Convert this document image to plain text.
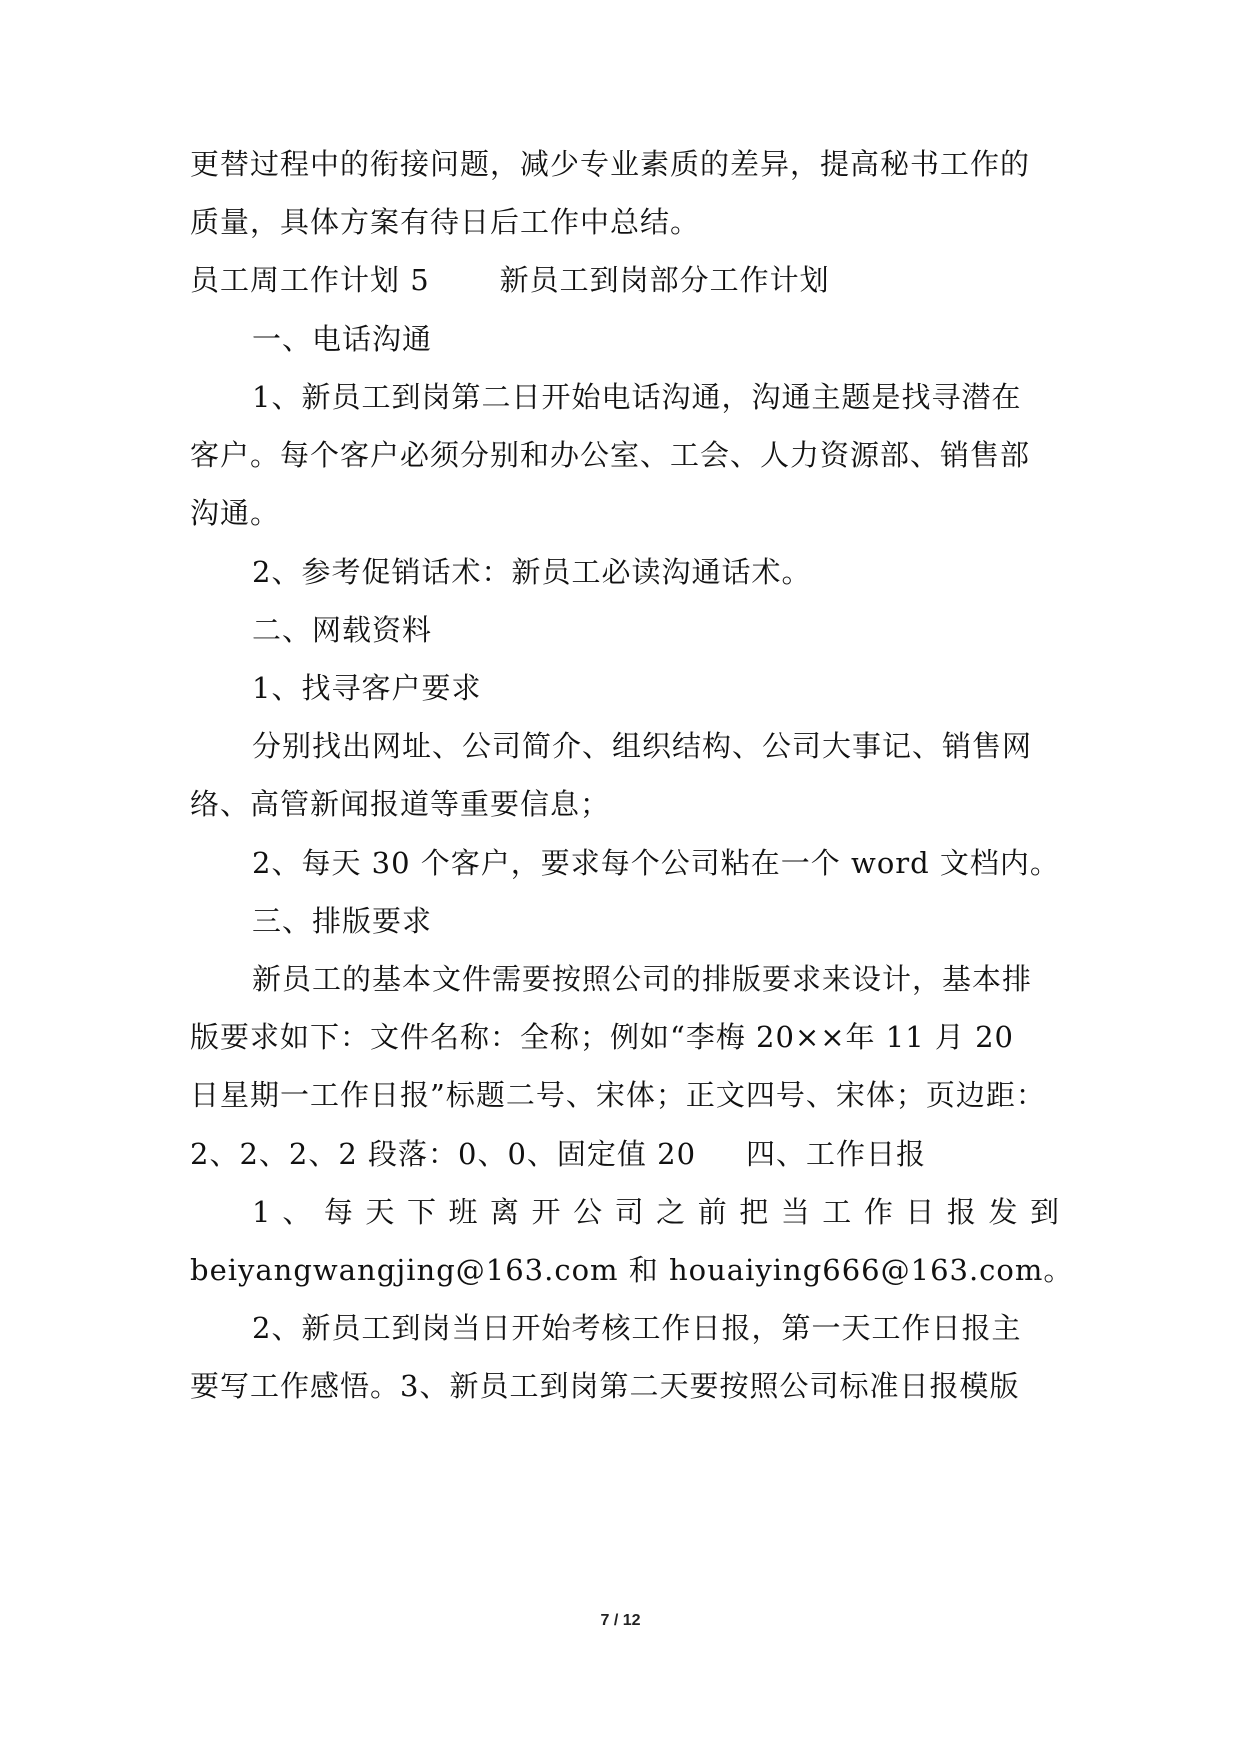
更替过程中的衔接问题，减少专业素质的差异，提高秘书工作的
质量，具体方案有待日后工作中总结。
员工周工作计划 5 新员工到岗部分工作计划
一、电话沟通
1、新员工到岗第二日开始电话沟通，沟通主题是找寻潜在
客户。每个客户必须分别和办公室、工会、人力资源部、销售部
沟通。
2、参考促销话术：新员工必读沟通话术。
二、网载资料
1、找寻客户要求
分别找出网址、公司简介、组织结构、公司大事记、销售网
络、高管新闻报道等重要信息；
2、每天 30 个客户，要求每个公司粘在一个 word 文档内。
三、排版要求
新员工的基本文件需要按照公司的排版要求来设计，基本排
版要求如下：文件名称：全称；例如“李梅 20××年 11 月 20
日星期一工作日报”标题二号、宋体；正文四号、宋体；页边距：
2、2、2、2 段落：0、0、固定值 20 四、工作日报
1 、 每 天 下 班 离 开 公 司 之 前 把 当 工 作 日 报 发 到
beiyangwangjing@163.com 和 houaiying666@163.com。
2、新员工到岗当日开始考核工作日报，第一天工作日报主
要写工作感悟。3、新员工到岗第二天要按照公司标准日报模版
7 / 12
